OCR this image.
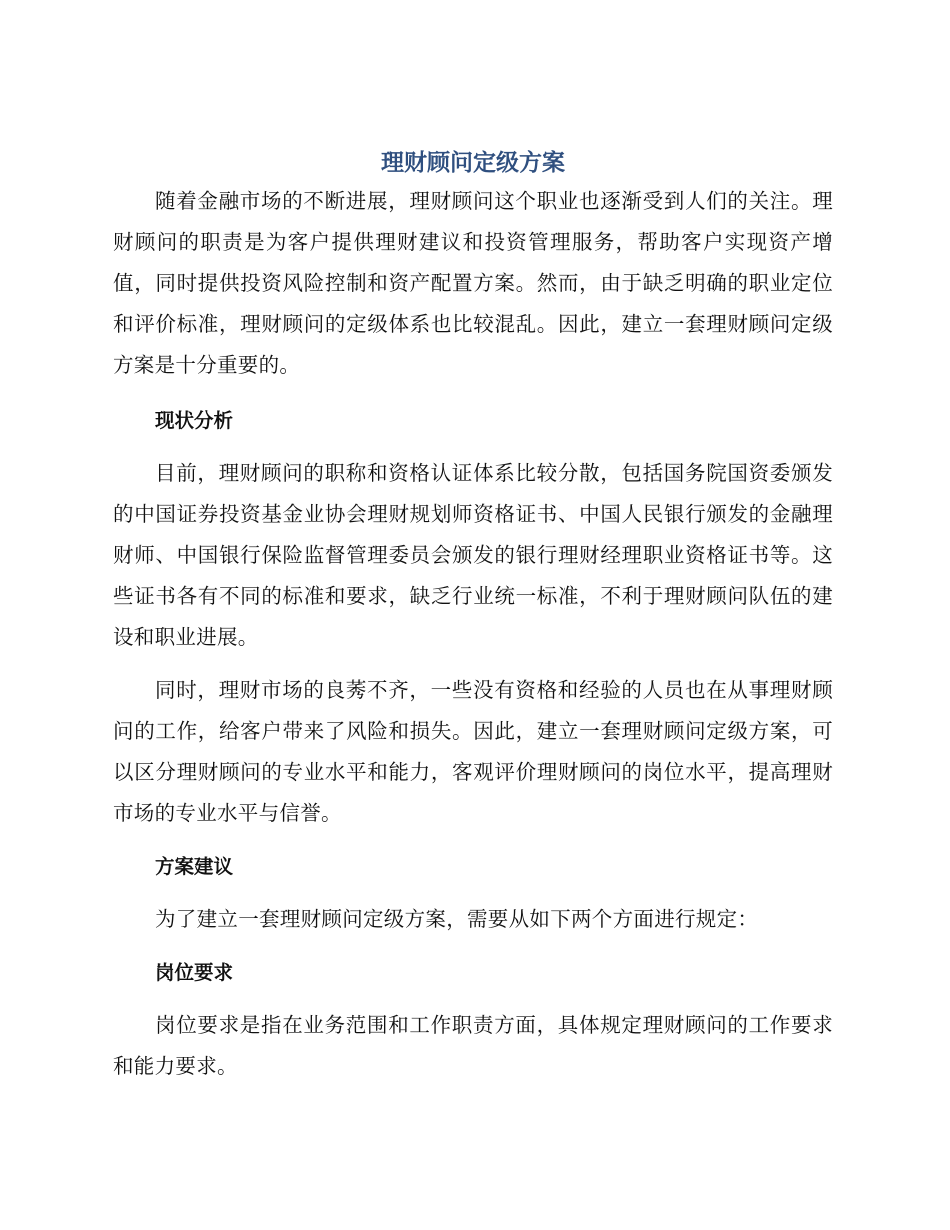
理财顾问定级方案

随着金融市场的不断进展，理财顾问这个职业也逐渐受到人们的关注。理财顾问的职责是为客户提供理财建议和投资管理服务，帮助客户实现资产增值，同时提供投资风险控制和资产配置方案。然而，由于缺乏明确的职业定位和评价标准，理财顾问的定级体系也比较混乱。因此，建立一套理财顾问定级方案是十分重要的。

现状分析

目前，理财顾问的职称和资格认证体系比较分散，包括国务院国资委颁发的中国证券投资基金业协会理财规划师资格证书、中国人民银行颁发的金融理财师、中国银行保险监督管理委员会颁发的银行理财经理职业资格证书等。这些证书各有不同的标准和要求，缺乏行业统一标准，不利于理财顾问队伍的建设和职业进展。

同时，理财市场的良莠不齐，一些没有资格和经验的人员也在从事理财顾问的工作，给客户带来了风险和损失。因此，建立一套理财顾问定级方案，可以区分理财顾问的专业水平和能力，客观评价理财顾问的岗位水平，提高理财市场的专业水平与信誉。

方案建议

为了建立一套理财顾问定级方案，需要从如下两个方面进行规定：

岗位要求

岗位要求是指在业务范围和工作职责方面，具体规定理财顾问的工作要求和能力要求。
